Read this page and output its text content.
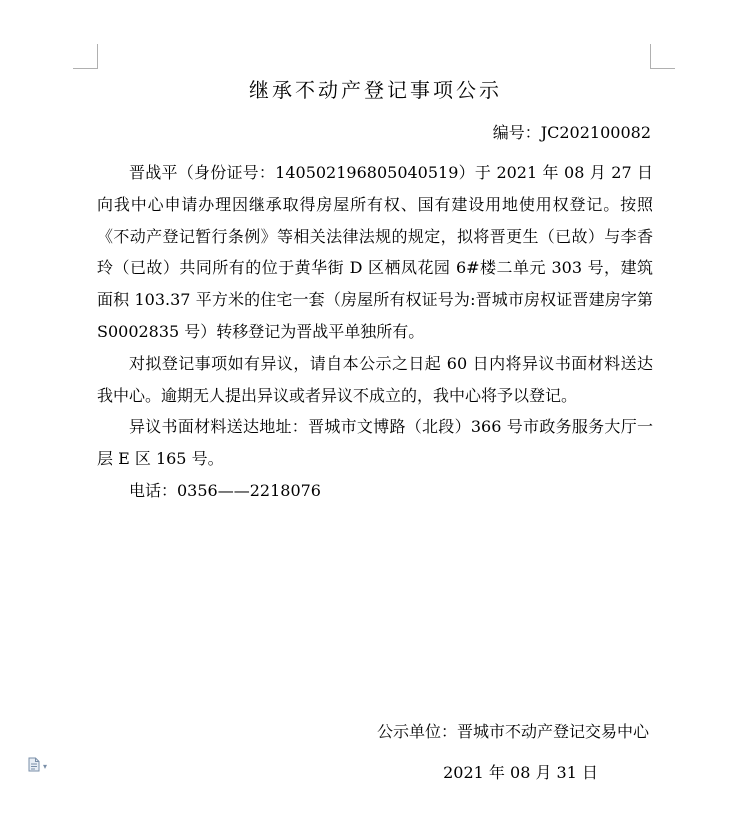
继承不动产登记事项公示
编号：JC202100082

晋战平（身份证号：140502196805040519）于 2021 年 08 月 27 日向我中心申请办理因继承取得房屋所有权、国有建设用地使用权登记。按照《不动产登记暂行条例》等相关法律法规的规定，拟将晋更生（已故）与李香玲（已故）共同所有的位于黄华街 D 区栖凤花园 6#楼二单元 303 号，建筑面积 103.37 平方米的住宅一套（房屋所有权证号为:晋城市房权证晋建房字第 S0002835 号）转移登记为晋战平单独所有。

对拟登记事项如有异议，请自本公示之日起 60 日内将异议书面材料送达我中心。逾期无人提出异议或者异议不成立的，我中心将予以登记。

异议书面材料送达地址：晋城市文博路（北段）366 号市政务服务大厅一层 E 区 165 号。

电话：0356——2218076

公示单位：晋城市不动产登记交易中心
2021 年 08 月 31 日
▾
